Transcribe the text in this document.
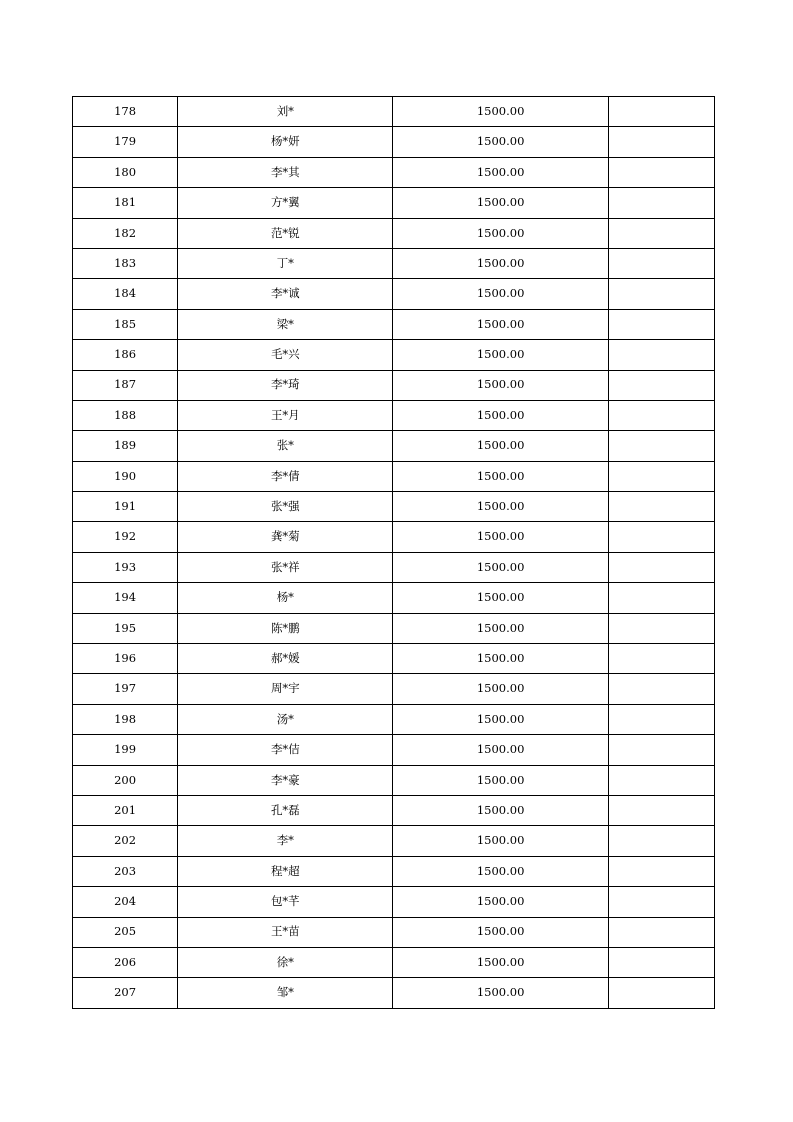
178	刘*	1500.00	
179	杨*妍	1500.00	
180	李*其	1500.00	
181	方*翼	1500.00	
182	范*锐	1500.00	
183	丁*	1500.00	
184	李*诚	1500.00	
185	梁*	1500.00	
186	毛*兴	1500.00	
187	李*琦	1500.00	
188	王*月	1500.00	
189	张*	1500.00	
190	李*倩	1500.00	
191	张*强	1500.00	
192	龚*菊	1500.00	
193	张*祥	1500.00	
194	杨*	1500.00	
195	陈*鹏	1500.00	
196	郝*媛	1500.00	
197	周*宇	1500.00	
198	汤*	1500.00	
199	李*佶	1500.00	
200	李*豪	1500.00	
201	孔*磊	1500.00	
202	李*	1500.00	
203	程*超	1500.00	
204	包*芊	1500.00	
205	王*苗	1500.00	
206	徐*	1500.00	
207	邹*	1500.00	
